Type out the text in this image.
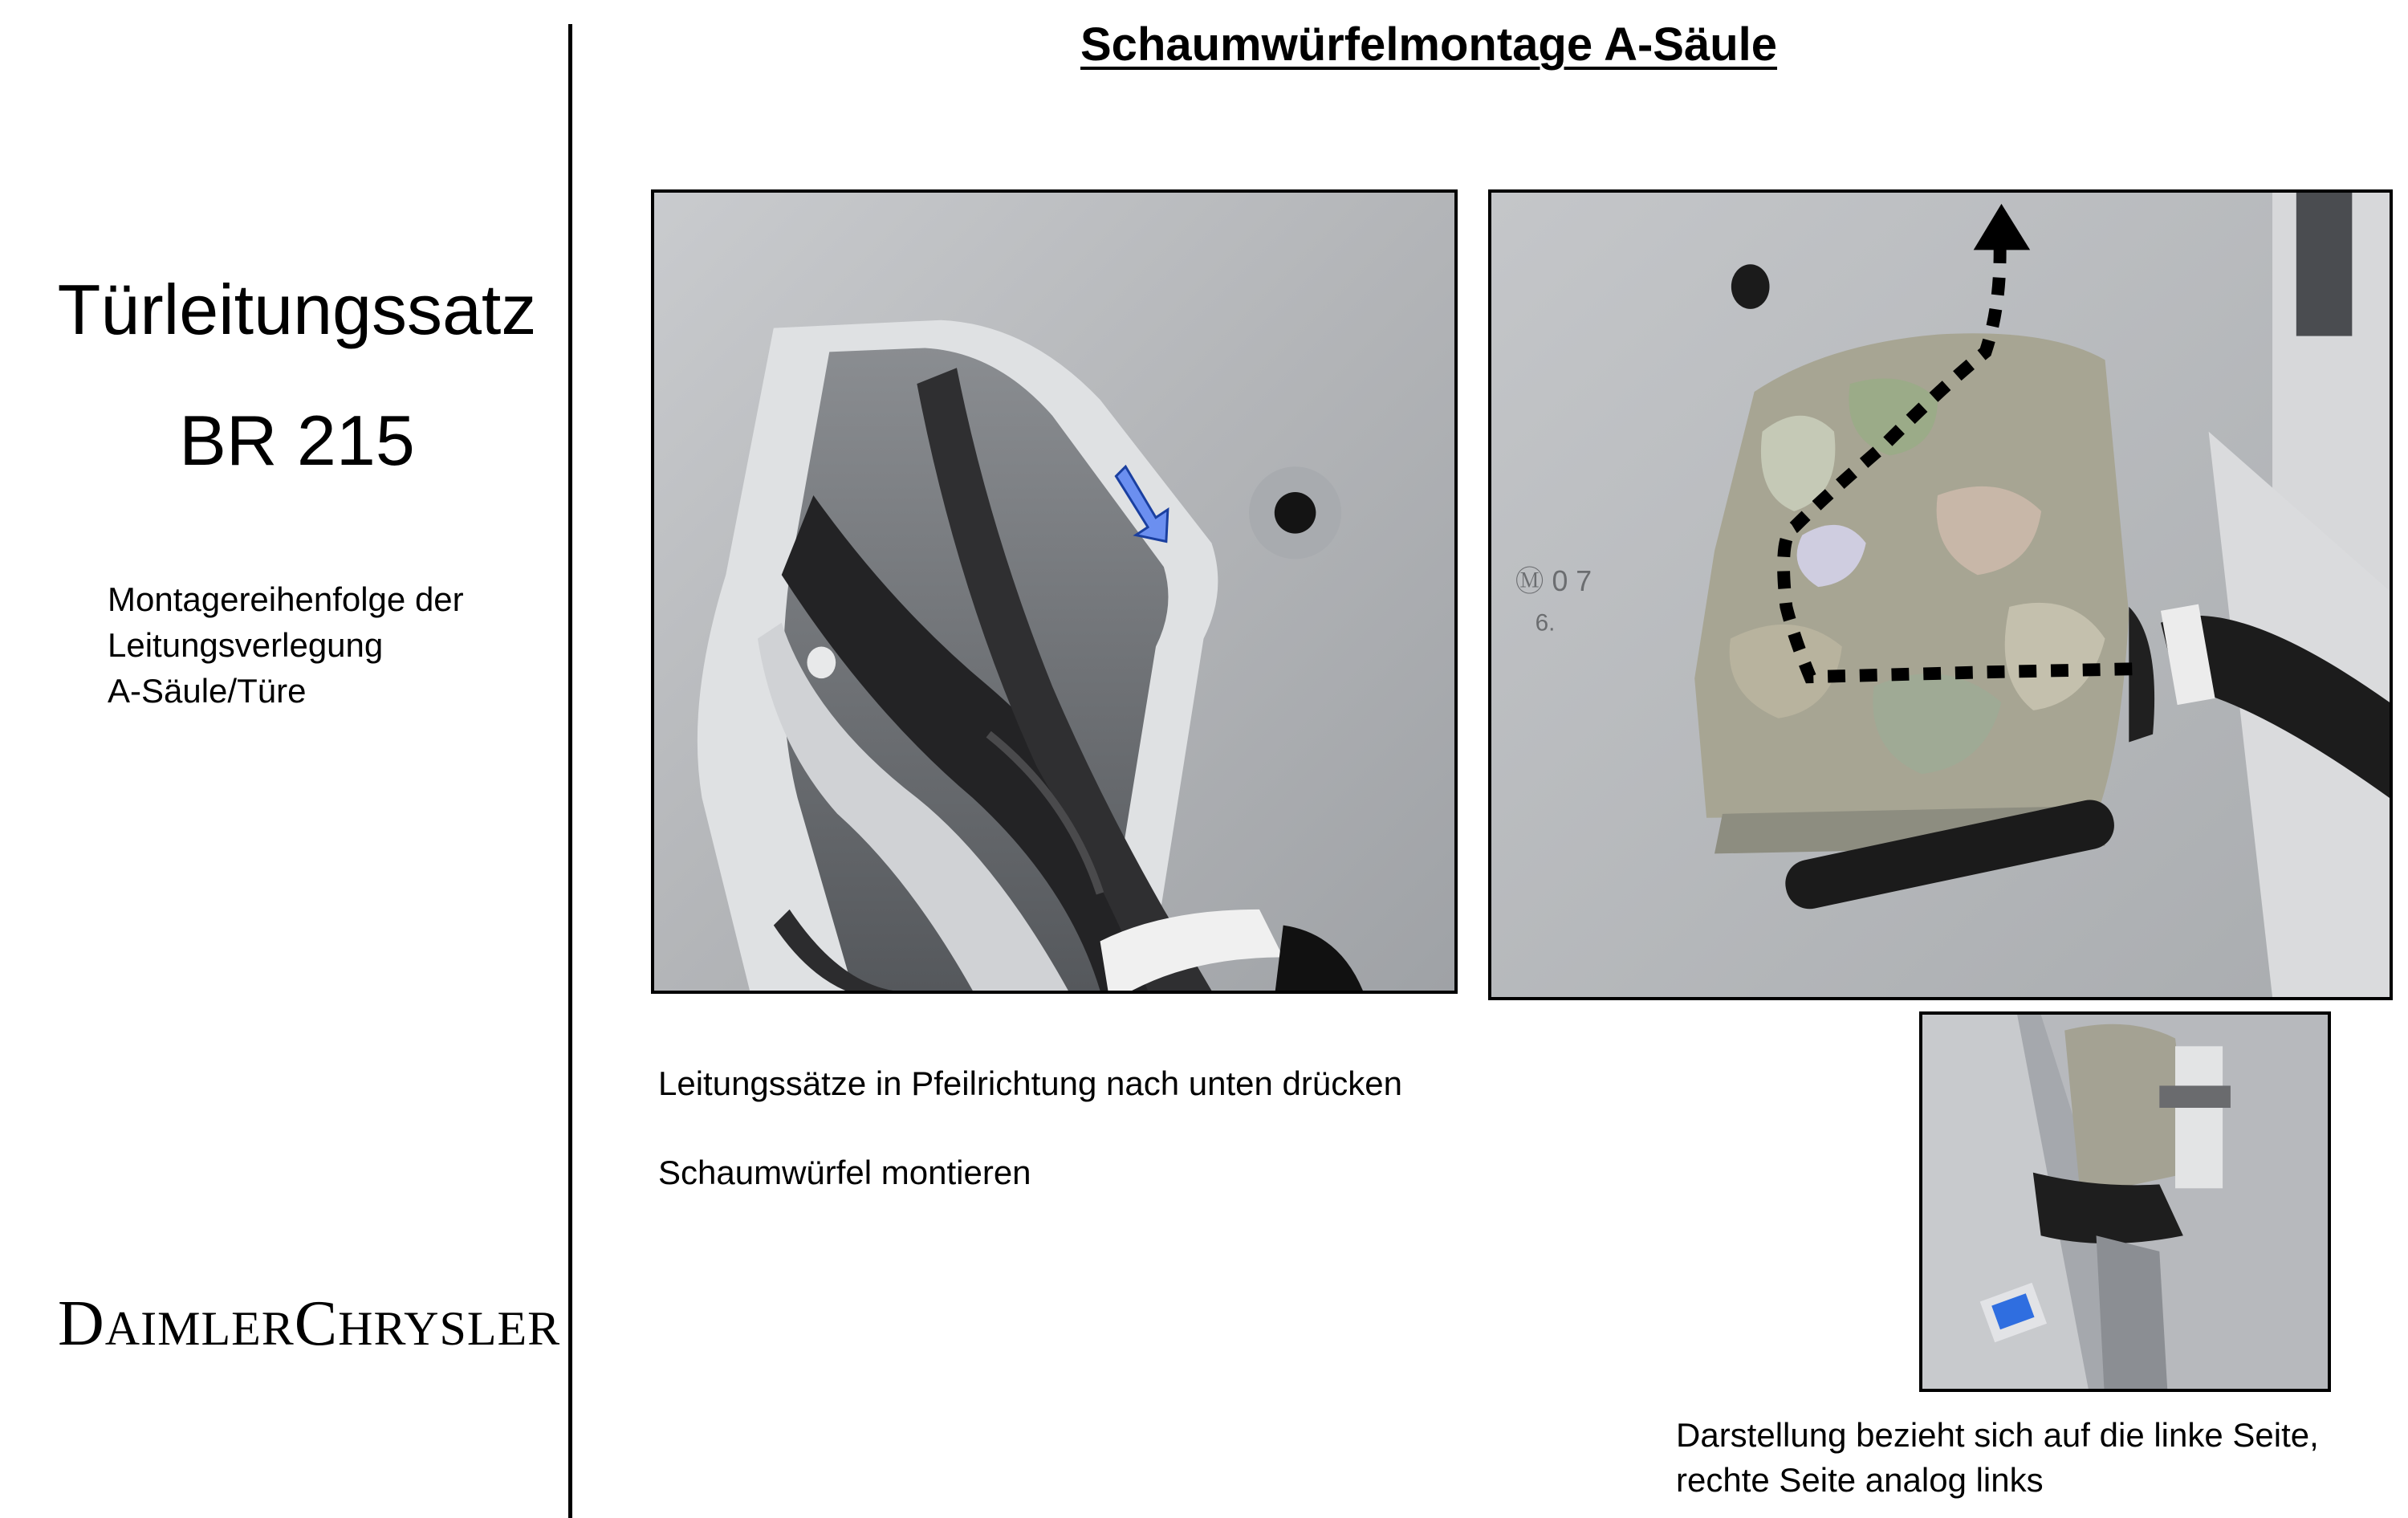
Türleitungssatz
BR 215
Montagereihenfolge der
Leitungsverlegung
A-Säule/Türe
DAIMLERCHRYSLER
Schaumwürfelmontage A-Säule
Ⓜ 0 7
6.
Leitungssätze in Pfeilrichtung nach unten drücken
Schaumwürfel montieren
Darstellung bezieht sich auf die linke Seite,
rechte Seite analog links
